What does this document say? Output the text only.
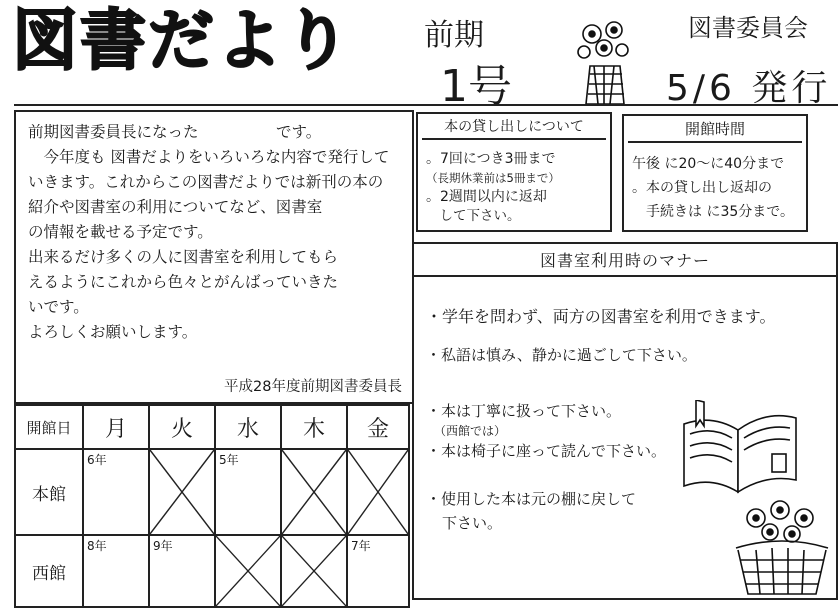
図書だより 前期
1号
図書委員会
5/6 発行
前期図書委員長になった　　　　　です。
　今年度も 図書だよりをいろいろな内容で発行して
いきます。これからこの図書だよりでは新刊の本の
紹介や図書室の利用についてなど、図書室
の情報を載せる予定です。
出来るだけ多くの人に図書室を利用してもら
えるようにこれから色々とがんばっていきた
いです。
よろしくお願いします。
平成28年度前期図書委員長
本の貸し出しについて
。7回につき3冊まで
（長期休業前は5冊まで）
。2週間以内に返却
　して下さい。
開館時間
午後 に20～に40分まで
。本の貸し出し返却の
　手続きは に35分まで。
図書室利用時のマナー
・学年を問わず、両方の図書室を利用できます。
・私語は慎み、静かに過ごして下さい。
・本は丁寧に扱って下さい。
（西館では）
・本は椅子に座って読んで下さい。
・使用した本は元の棚に戻して
下さい。
開館日	月	火	水	木	金
本館	6年		5年

西館	8年	9年			7年
